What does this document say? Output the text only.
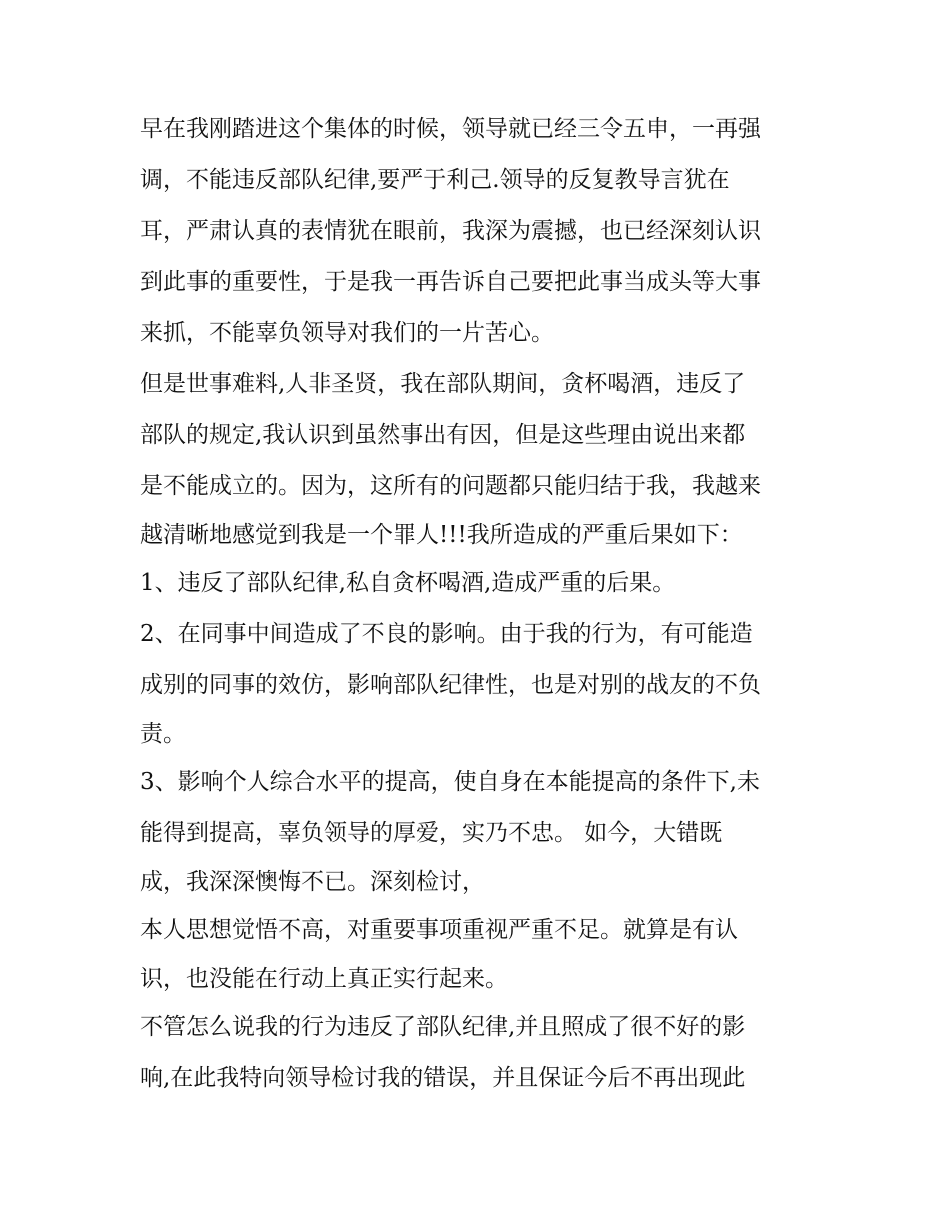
早在我刚踏进这个集体的时候，领导就已经三令五申，一再强
调，不能违反部队纪律,要严于利己.领导的反复教导言犹在
耳，严肃认真的表情犹在眼前，我深为震撼，也已经深刻认识
到此事的重要性，于是我一再告诉自己要把此事当成头等大事
来抓，不能辜负领导对我们的一片苦心。
但是世事难料,人非圣贤，我在部队期间，贪杯喝酒，违反了
部队的规定,我认识到虽然事出有因，但是这些理由说出来都
是不能成立的。因为，这所有的问题都只能归结于我，我越来
越清晰地感觉到我是一个罪人!!!我所造成的严重后果如下：
1、违反了部队纪律,私自贪杯喝酒,造成严重的后果。
2、在同事中间造成了不良的影响。由于我的行为，有可能造
成别的同事的效仿，影响部队纪律性，也是对别的战友的不负
责。
3、影响个人综合水平的提高，使自身在本能提高的条件下,未
能得到提高，辜负领导的厚爱，实乃不忠。 如今，大错既
成，我深深懊悔不已。深刻检讨，
本人思想觉悟不高，对重要事项重视严重不足。就算是有认
识，也没能在行动上真正实行起来。
不管怎么说我的行为违反了部队纪律,并且照成了很不好的影
响,在此我特向领导检讨我的错误，并且保证今后不再出现此
